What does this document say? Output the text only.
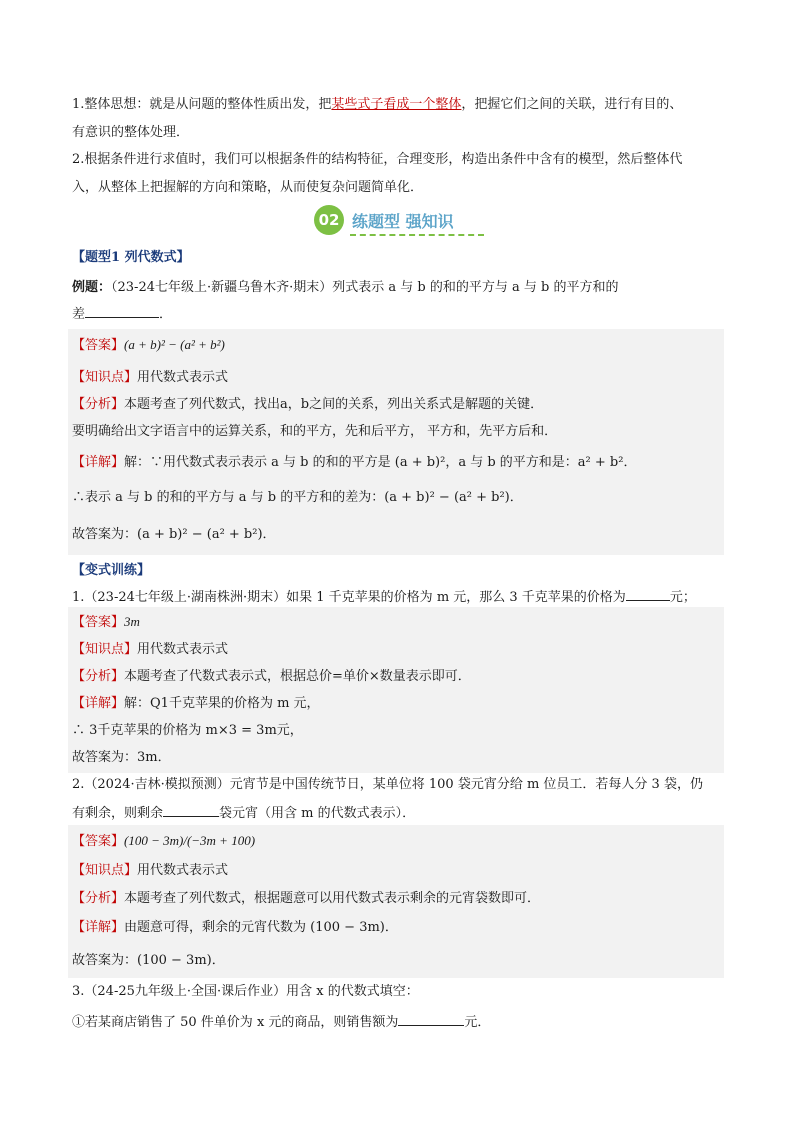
1.整体思想：就是从问题的整体性质出发，把某些式子看成一个整体，把握它们之间的关联，进行有目的、
有意识的整体处理．
2.根据条件进行求值时，我们可以根据条件的结构特征，合理变形，构造出条件中含有的模型，然后整体代
入，从整体上把握解的方向和策略，从而使复杂问题简单化．
02 练题型 强知识
【题型1 列代数式】
例题：（23-24七年级上·新疆乌鲁木齐·期末）列式表示 a 与 b 的和的平方与 a 与 b 的平方和的
差	．
【答案】(a + b)² − (a² + b²)
【知识点】用代数式表示式
【分析】本题考查了列代数式，找出a，b之间的关系，列出关系式是解题的关键．
要明确给出文字语言中的运算关系，和的平方，先和后平方， 平方和，先平方后和．
【详解】解：∵用代数式表示表示 a 与 b 的和的平方是 (a + b)²，a 与 b 的平方和是：a² + b²．
∴表示 a 与 b 的和的平方与 a 与 b 的平方和的差为：(a + b)² − (a² + b²)．
故答案为：(a + b)² − (a² + b²)．
【变式训练】
1.（23-24七年级上·湖南株洲·期末）如果 1 千克苹果的价格为 m 元，那么 3 千克苹果的价格为	元；
【答案】3m
【知识点】用代数式表示式
【分析】本题考查了代数式表示式，根据总价=单价×数量表示即可．
【详解】解：Q1千克苹果的价格为 m 元，
∴ 3千克苹果的价格为 m×3 = 3m元，
故答案为：3m．
2.（2024·吉林·模拟预测）元宵节是中国传统节日，某单位将 100 袋元宵分给 m 位员工．若每人分 3 袋，仍
有剩余，则剩余	袋元宵（用含 m 的代数式表示）．
【答案】(100 − 3m)/(−3m + 100)
【知识点】用代数式表示式
【分析】本题考查了列代数式，根据题意可以用代数式表示剩余的元宵袋数即可．
【详解】由题意可得，剩余的元宵代数为 (100 − 3m)．
故答案为：(100 − 3m)．
3.（24-25九年级上·全国·课后作业）用含 x 的代数式填空：
①若某商店销售了 50 件单价为 x 元的商品，则销售额为	元．
